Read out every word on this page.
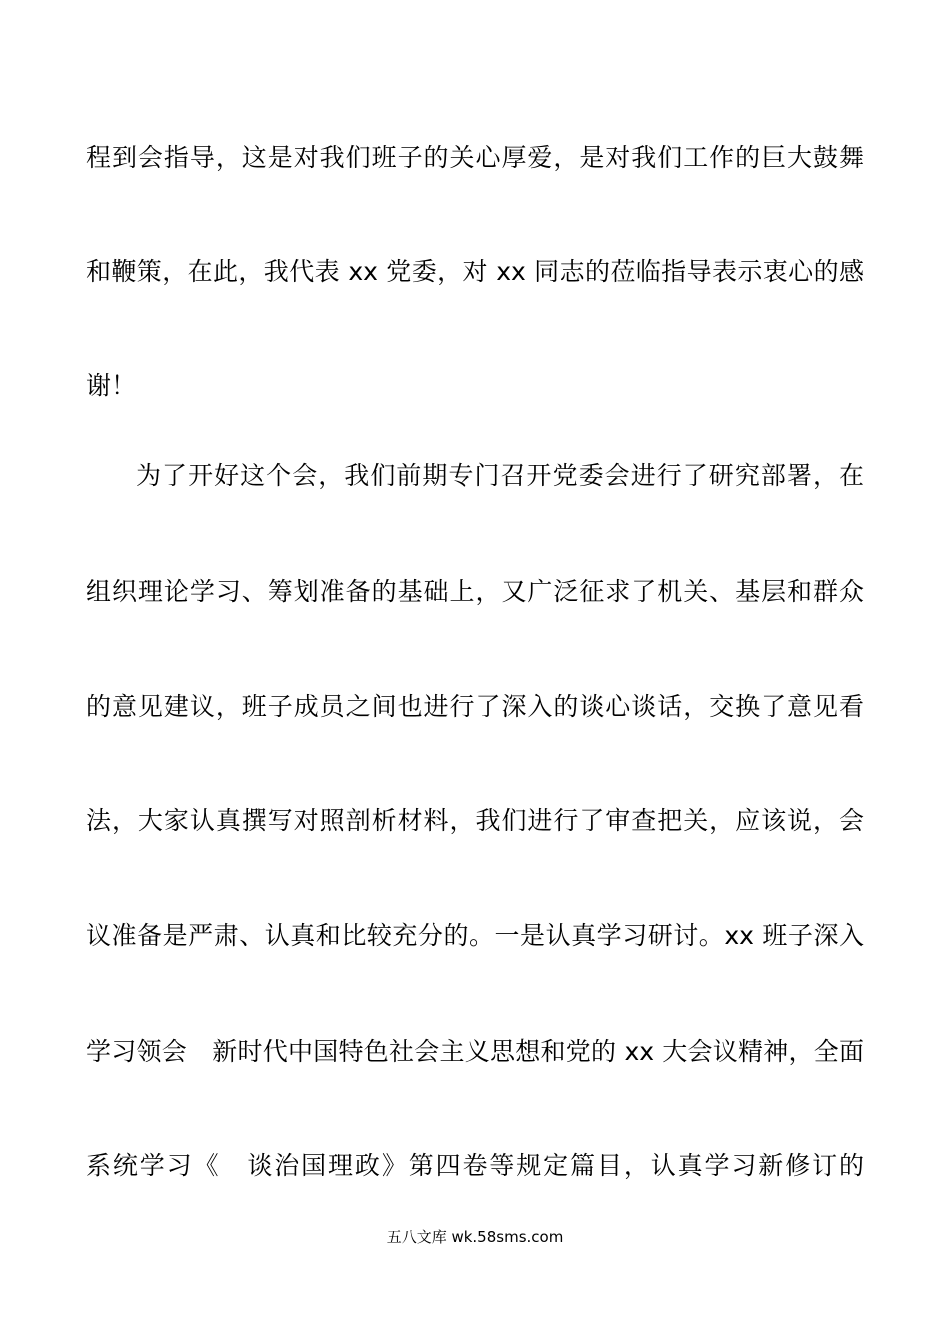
程到会指导，这是对我们班子的关心厚爱，是对我们工作的巨大鼓舞
和鞭策，在此，我代表 xx 党委，对 xx 同志的莅临指导表示衷心的感
谢！
为了开好这个会，我们前期专门召开党委会进行了研究部署，在
组织理论学习、筹划准备的基础上，又广泛征求了机关、基层和群众
的意见建议，班子成员之间也进行了深入的谈心谈话，交换了意见看
法，大家认真撰写对照剖析材料，我们进行了审查把关，应该说，会
议准备是严肃、认真和比较充分的。一是认真学习研讨。xx 班子深入
学习领会　新时代中国特色社会主义思想和党的 xx 大会议精神，全面
系统学习《　谈治国理政》第四卷等规定篇目，认真学习新修订的
五八文库 wk.58sms.com
